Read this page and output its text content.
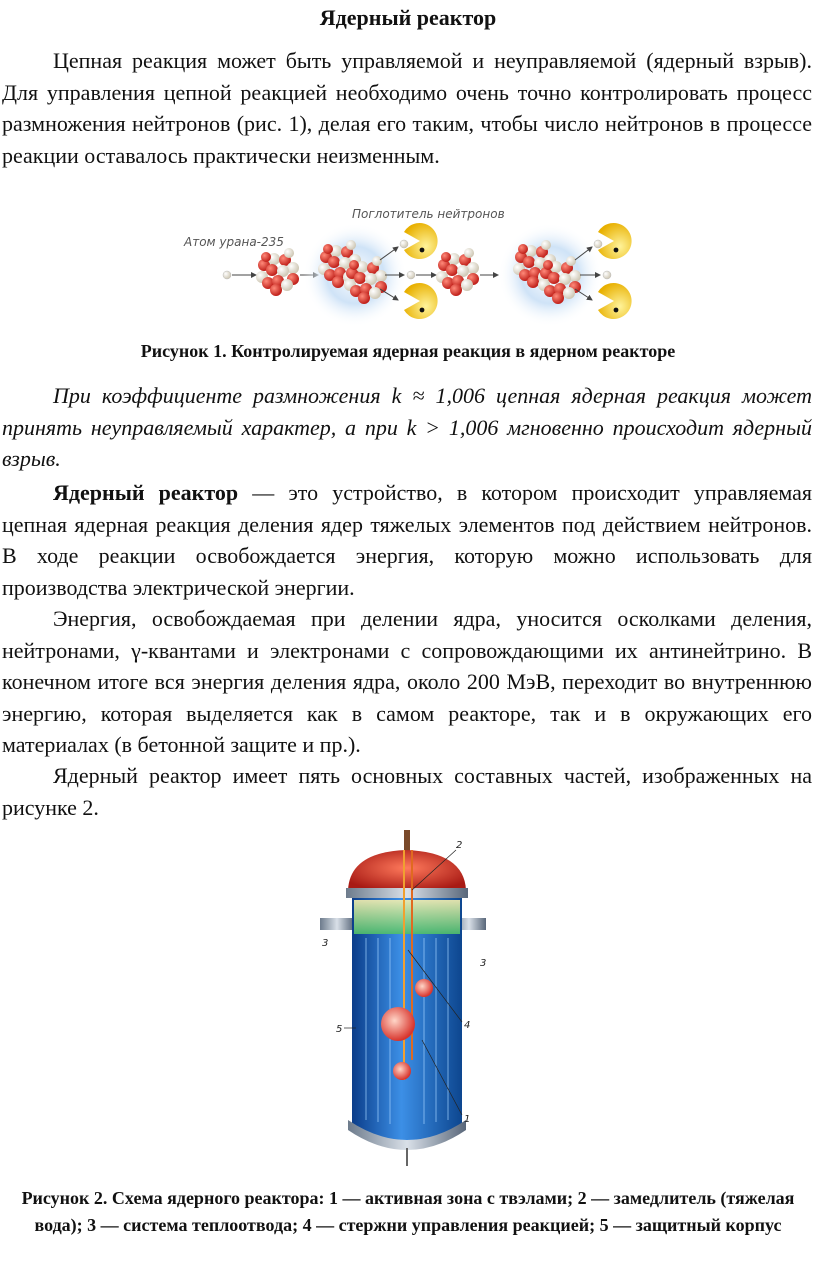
Ядерный реактор

Цепная реакция может быть управляемой и неуправляемой (ядерный взрыв). Для управления цепной реакцией необходимо очень точно контролировать процесс размножения нейтронов (рис. 1), делая его таким, чтобы число нейтронов в процессе реакции оставалось практически неизменным.

Поглотитель нейтронов
Атом урана-235
Рисунок 1. Контролируемая ядерная реакция в ядерном реакторе

При коэффициенте размножения k ≈ 1,006 цепная ядерная реакция может принять неуправляемый характер, а при k > 1,006 мгновенно происходит ядерный взрыв.

Ядерный реактор — это устройство, в котором происходит управляемая цепная ядерная реакция деления ядер тяжелых элементов под действием нейтронов. В ходе реакции освобождается энергия, которую можно использовать для производства электрической энергии.

Энергия, освобождаемая при делении ядра, уносится осколками деления, нейтронами, γ-квантами и электронами с сопровождающими их антинейтрино. В конечном итоге вся энергия деления ядра, около 200 МэВ, переходит во внутреннюю энергию, которая выделяется как в самом реакторе, так и в окружающих его материалах (в бетонной защите и пр.).

Ядерный реактор имеет пять основных составных частей, изображенных на рисунке 2.

2
3
3
4
5
1
Рисунок 2. Схема ядерного реактора: 1 — активная зона с твэлами; 2 — замедлитель (тяжелая вода); 3 — система теплоотвода; 4 — стержни управления реакцией; 5 — защитный корпус
